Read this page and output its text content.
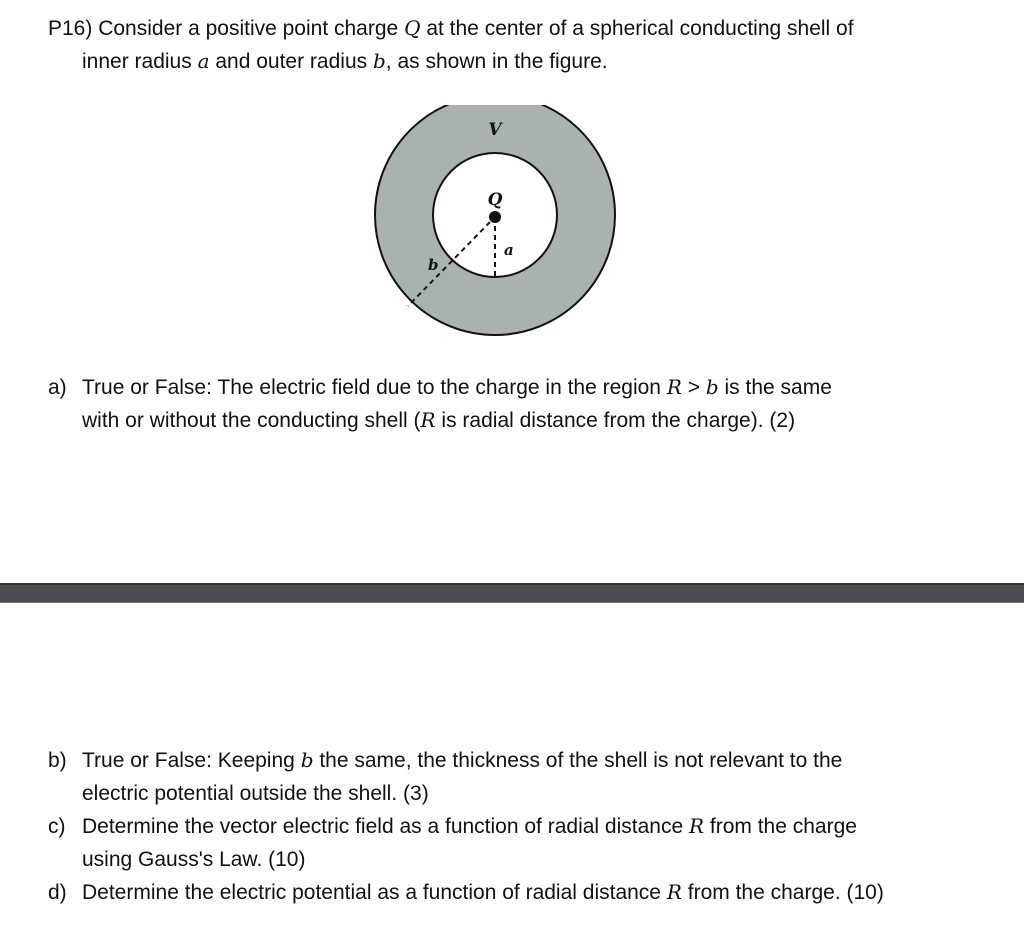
P16) Consider a positive point charge Q at the center of a spherical conducting shell of
inner radius a and outer radius b, as shown in the figure.
V
Q
a
b
a) True or False: The electric field due to the charge in the region R > b is the same
with or without the conducting shell (R is radial distance from the charge). (2)
b) True or False: Keeping b the same, the thickness of the shell is not relevant to the
electric potential outside the shell. (3)
c) Determine the vector electric field as a function of radial distance R from the charge
using Gauss's Law. (10)
d) Determine the electric potential as a function of radial distance R from the charge. (10)
